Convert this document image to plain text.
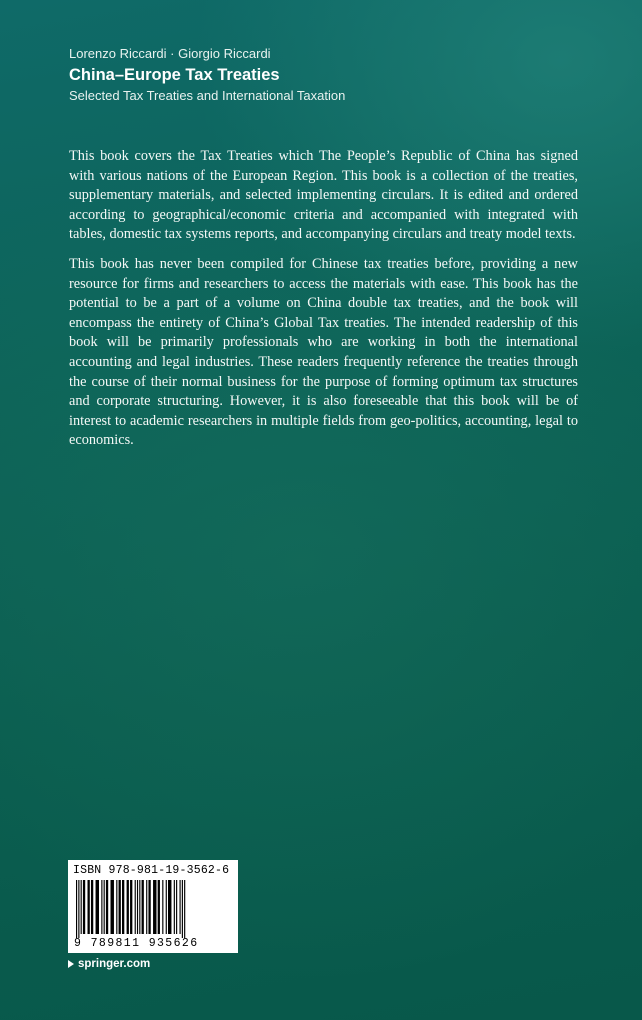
Lorenzo Riccardi · Giorgio Riccardi
China–Europe Tax Treaties
Selected Tax Treaties and International Taxation

This book covers the Tax Treaties which The People’s Republic of China has signed with various nations of the European Region. This book is a collection of the treaties, supplementary materials, and selected implementing circulars. It is edited and ordered according to geographical/economic criteria and accompanied with integrated with tables, domestic tax systems reports, and accompanying circulars and treaty model texts.

This book has never been compiled for Chinese tax treaties before, providing a new resource for firms and researchers to access the materials with ease. This book has the potential to be a part of a volume on China double tax treaties, and the book will encompass the entirety of China’s Global Tax treaties. The intended readership of this book will be primarily professionals who are working in both the international accounting and legal industries. These readers frequently reference the treaties through the course of their normal business for the purpose of forming optimum tax structures and corporate structuring. However, it is also foreseeable that this book will be of interest to academic researchers in multiple fields from geo-politics, accounting, legal to economics.

ISBN 978-981-19-3562-6
9 789811 935626
springer.com
